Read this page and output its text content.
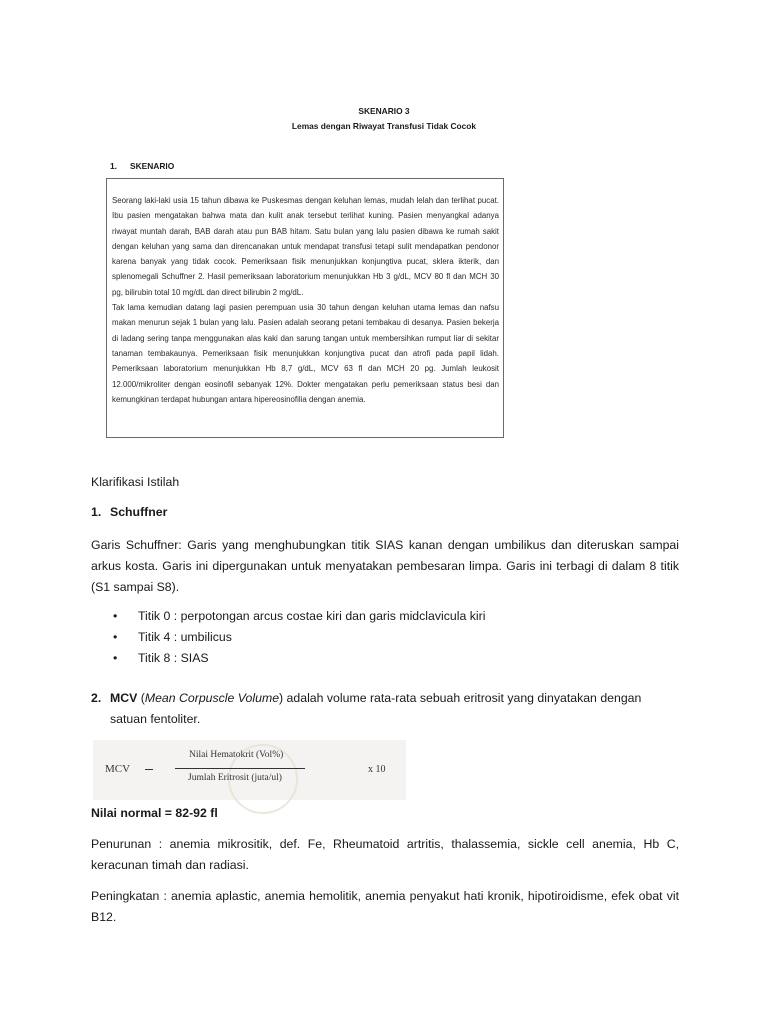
SKENARIO 3
Lemas dengan Riwayat Transfusi Tidak Cocok
1. SKENARIO

Seorang laki-laki usia 15 tahun dibawa ke Puskesmas dengan keluhan lemas, mudah lelah dan terlihat pucat. Ibu pasien mengatakan bahwa mata dan kulit anak tersebut terlihat kuning. Pasien menyangkal adanya riwayat muntah darah, BAB darah atau pun BAB hitam. Satu bulan yang lalu pasien dibawa ke rumah sakit dengan keluhan yang sama dan direncanakan untuk mendapat transfusi tetapi sulit mendapatkan pendonor karena banyak yang tidak cocok. Pemeriksaan fisik menunjukkan konjungtiva pucat, sklera ikterik, dan splenomegali Schuffner 2. Hasil pemeriksaan laboratorium menunjukkan Hb 3 g/dL, MCV 80 fl dan MCH 30 pg, bilirubin total 10 mg/dL dan direct bilirubin 2 mg/dL.

Tak lama kemudian datang lagi pasien perempuan usia 30 tahun dengan keluhan utama lemas dan nafsu makan menurun sejak 1 bulan yang lalu. Pasien adalah seorang petani tembakau di desanya. Pasien bekerja di ladang sering tanpa menggunakan alas kaki dan sarung tangan untuk membersihkan rumput liar di sekitar tanaman tembakaunya. Pemeriksaan fisik menunjukkan konjungtiva pucat dan atrofi pada papil lidah. Pemeriksaan laboratorium menunjukkan Hb 8,7 g/dL, MCV 63 fl dan MCH 20 pg. Jumlah leukosit 12.000/mikroliter dengan eosinofil sebanyak 12%. Dokter mengatakan perlu pemeriksaan status besi dan kemungkinan terdapat hubungan antara hipereosinofilia dengan anemia.

Klarifikasi Istilah
1. Schuffner
Garis Schuffner: Garis yang menghubungkan titik SIAS kanan dengan umbilikus dan diteruskan sampai arkus kosta. Garis ini dipergunakan untuk menyatakan pembesaran limpa. Garis ini terbagi di dalam 8 titik (S1 sampai S8).
• Titik 0 : perpotongan arcus costae kiri dan garis midclavicula kiri
• Titik 4 : umbilicus
• Titik 8 : SIAS
2. MCV (Mean Corpuscle Volume) adalah volume rata-rata sebuah eritrosit yang dinyatakan dengan
satuan fentoliter.
MCV
Nilai Hematokrit (Vol%)
Jumlah Eritrosit (juta/ul)
x 10
Nilai normal = 82-92 fl
Penurunan : anemia mikrositik, def. Fe, Rheumatoid artritis, thalassemia, sickle cell anemia, Hb C, keracunan timah dan radiasi.
Peningkatan : anemia aplastic, anemia hemolitik, anemia penyakut hati kronik, hipotiroidisme, efek obat vit B12.
